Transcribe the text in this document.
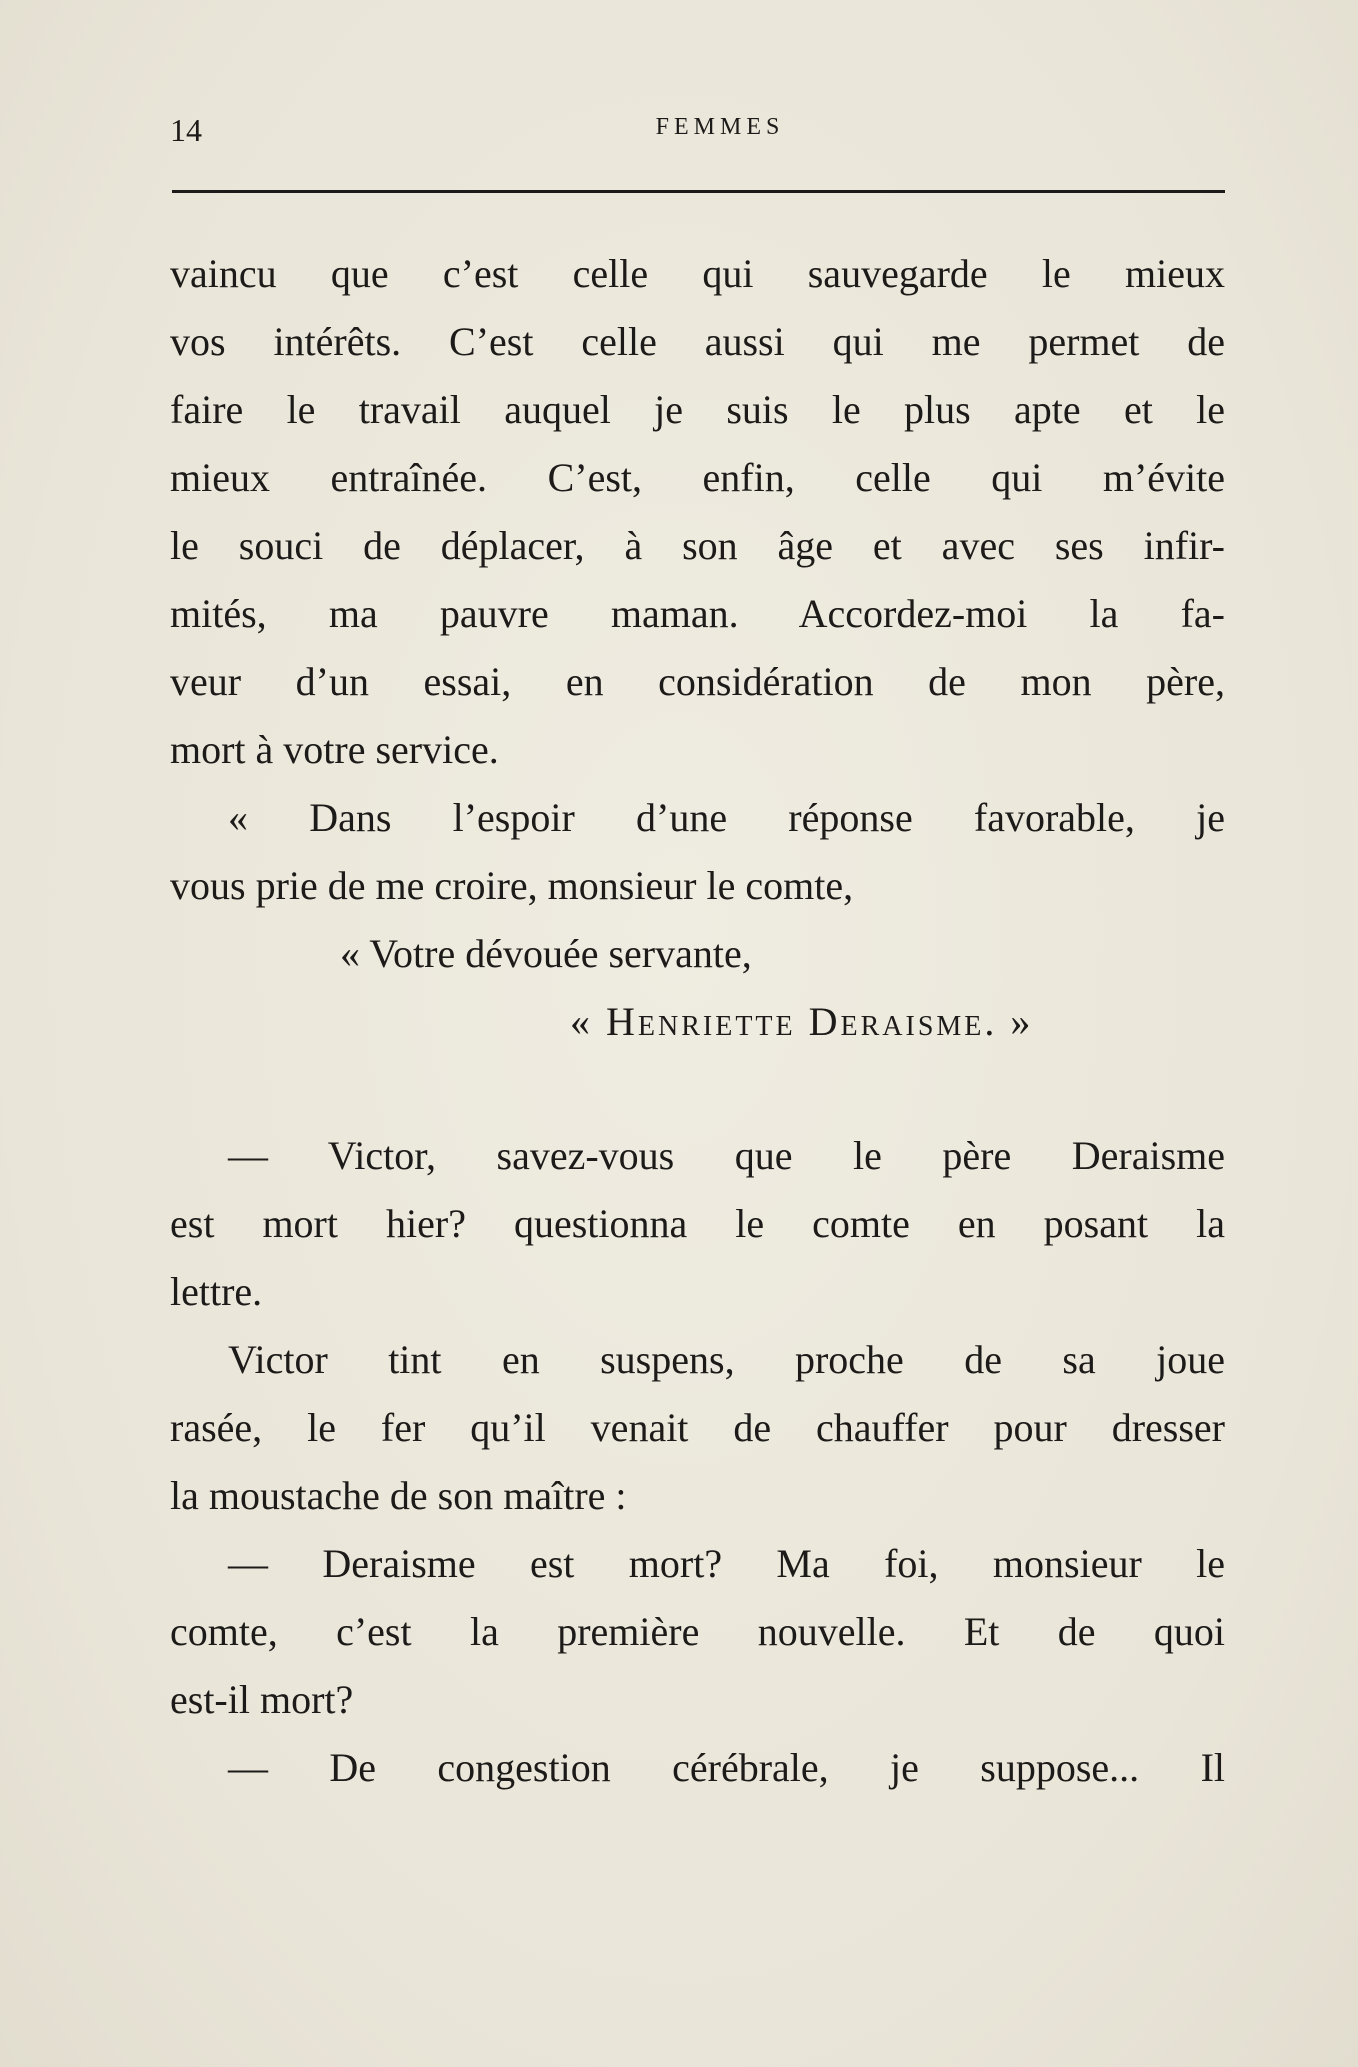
14	FEMMES
vaincu que c’est celle qui sauvegarde le mieux
vos intérêts. C’est celle aussi qui me permet de
faire le travail auquel je suis le plus apte et le
mieux entraînée. C’est, enfin, celle qui m’évite
le souci de déplacer, à son âge et avec ses infir-
mités, ma pauvre maman. Accordez-moi la fa-
veur d’un essai, en considération de mon père,
mort à votre service.
« Dans l’espoir d’une réponse favorable, je
vous prie de me croire, monsieur le comte,
« Votre dévouée servante,
« Henriette Deraisme. »
— Victor, savez-vous que le père Deraisme
est mort hier? questionna le comte en posant la
lettre.
Victor tint en suspens, proche de sa joue
rasée, le fer qu’il venait de chauffer pour dresser
la moustache de son maître :
— Deraisme est mort? Ma foi, monsieur le
comte, c’est la première nouvelle. Et de quoi
est-il mort?
— De congestion cérébrale, je suppose... Il
